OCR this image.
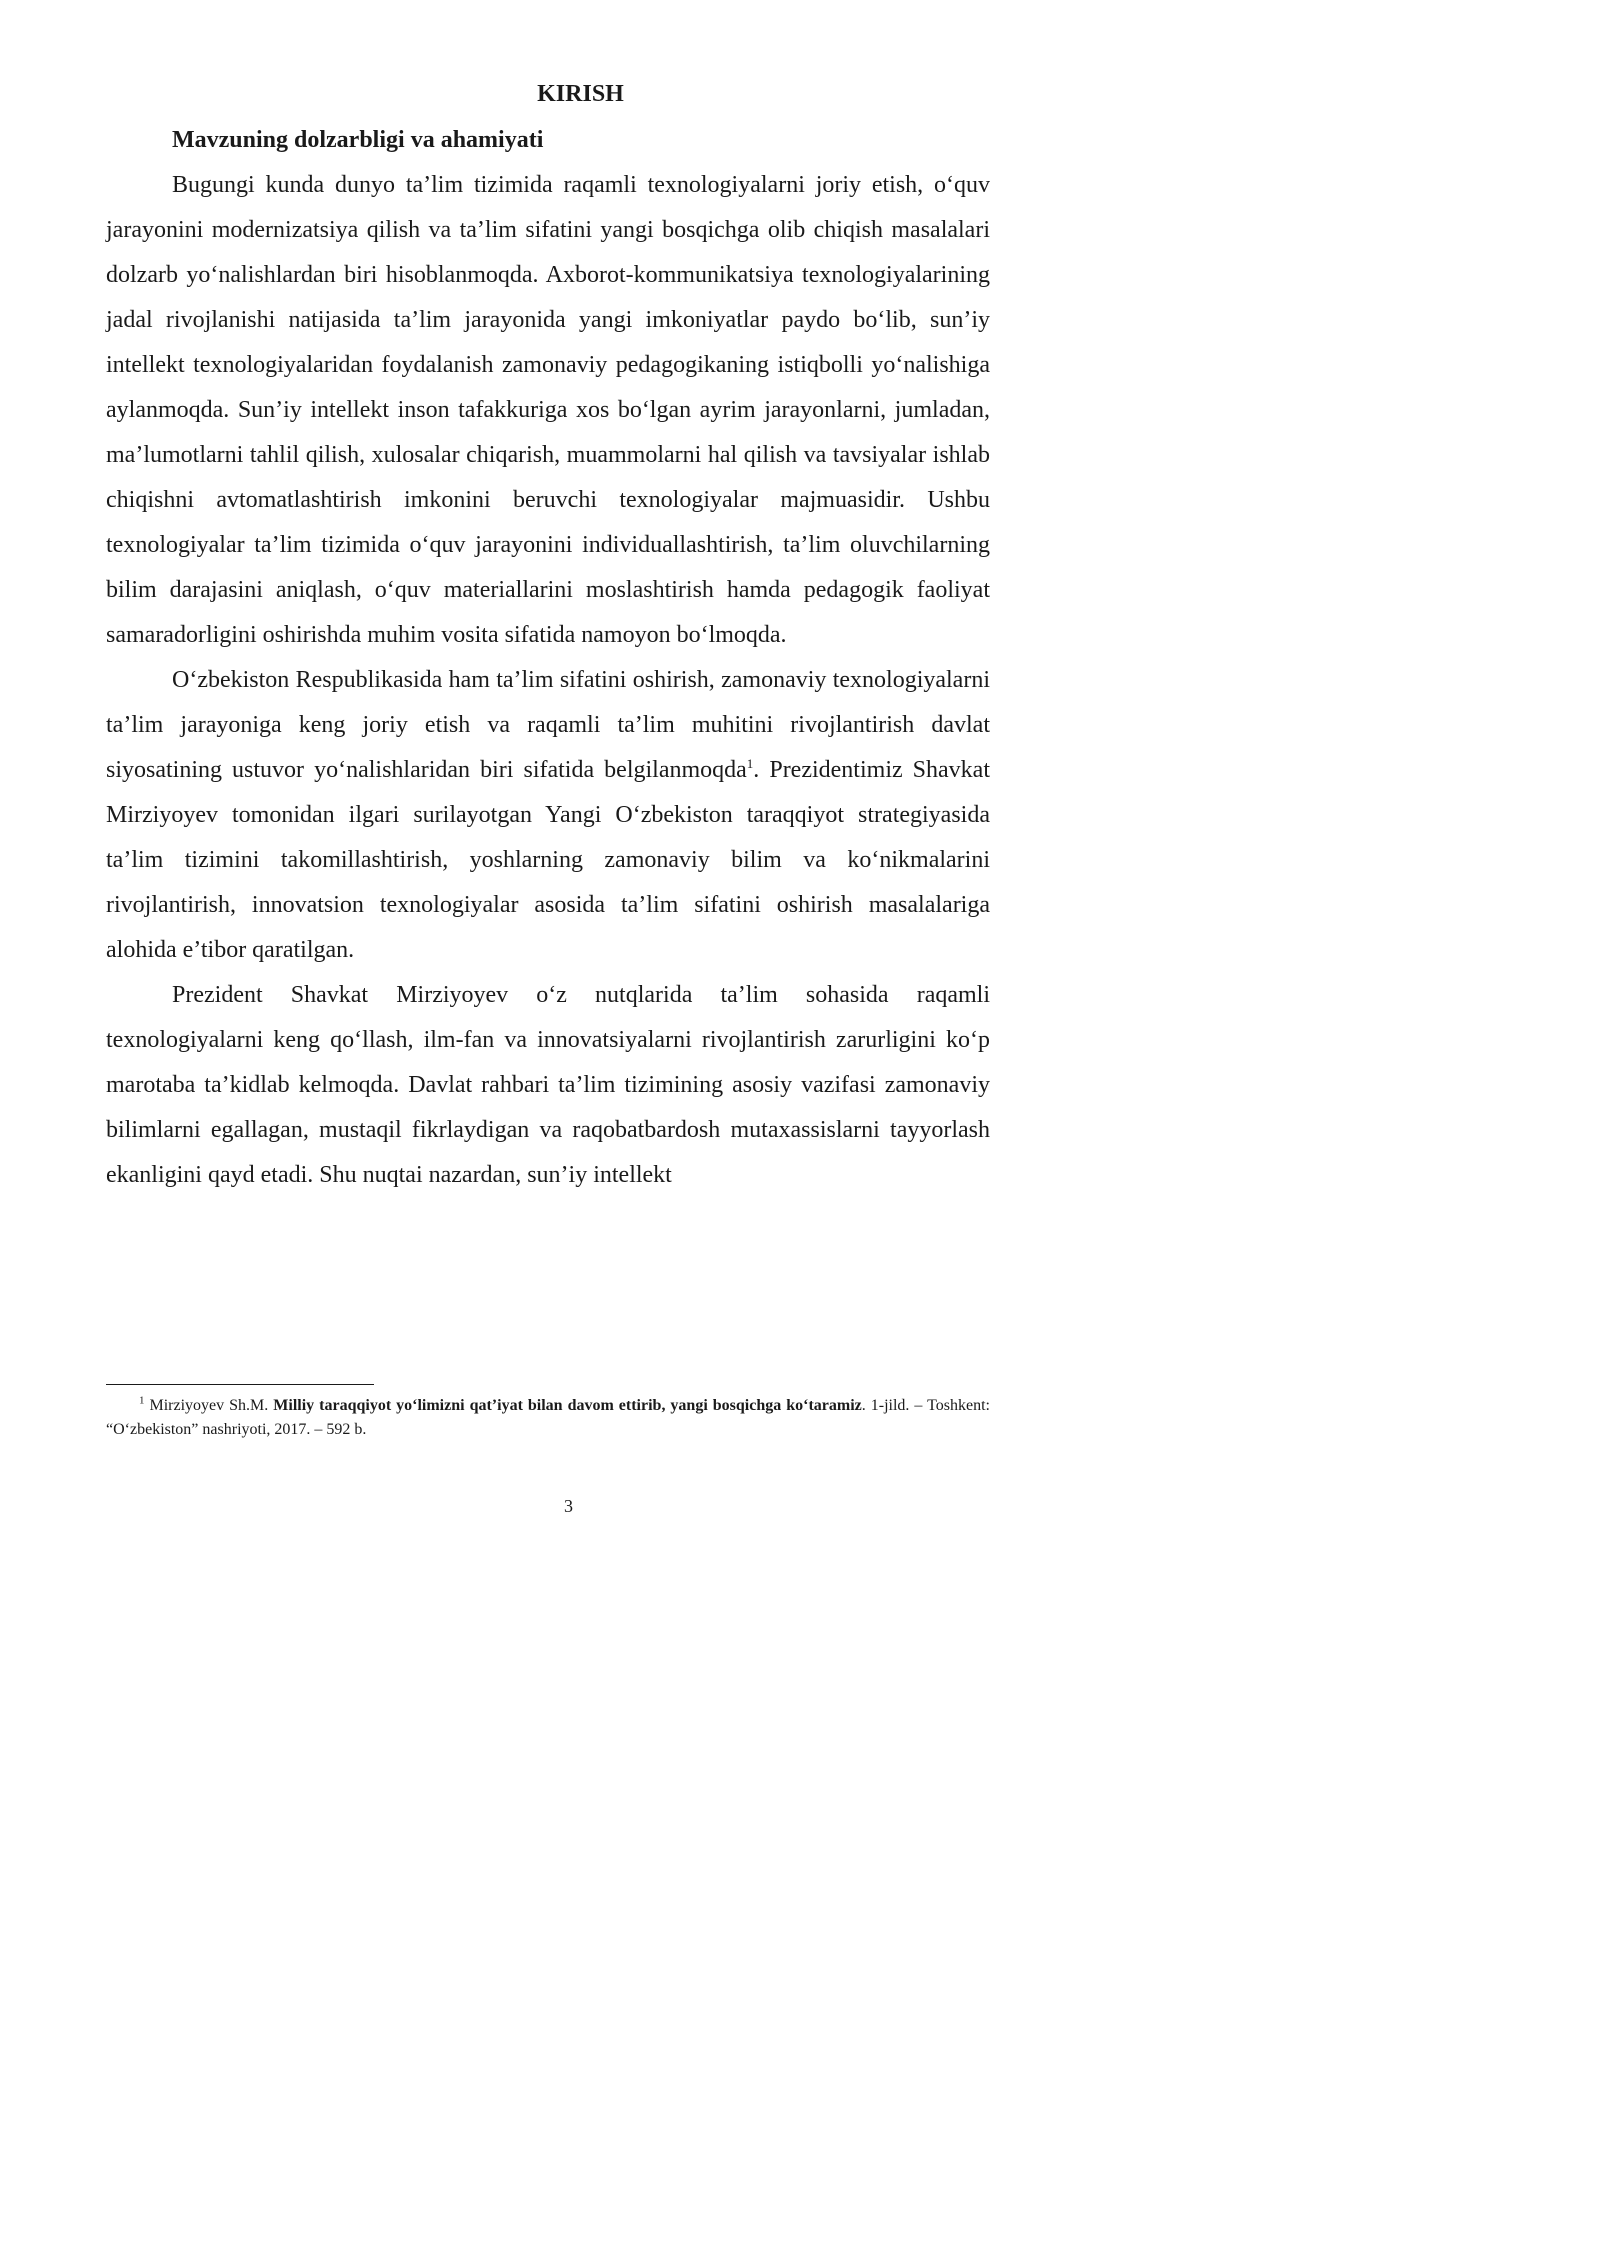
KIRISH
Mavzuning dolzarbligi va ahamiyati

Bugungi kunda dunyo ta’lim tizimida raqamli texnologiyalarni joriy etish, o‘quv jarayonini modernizatsiya qilish va ta’lim sifatini yangi bosqichga olib chiqish masalalari dolzarb yo‘nalishlardan biri hisoblanmoqda. Axborot-kommunikatsiya texnologiyalarining jadal rivojlanishi natijasida ta’lim jarayonida yangi imkoniyatlar paydo bo‘lib, sun’iy intellekt texnologiyalaridan foydalanish zamonaviy pedagogikaning istiqbolli yo‘nalishiga aylanmoqda. Sun’iy intellekt inson tafakkuriga xos bo‘lgan ayrim jarayonlarni, jumladan, ma’lumotlarni tahlil qilish, xulosalar chiqarish, muammolarni hal qilish va tavsiyalar ishlab chiqishni avtomatlashtirish imkonini beruvchi texnologiyalar majmuasidir. Ushbu texnologiyalar ta’lim tizimida o‘quv jarayonini individuallashtirish, ta’lim oluvchilarning bilim darajasini aniqlash, o‘quv materiallarini moslashtirish hamda pedagogik faoliyat samaradorligini oshirishda muhim vosita sifatida namoyon bo‘lmoqda.

O‘zbekiston Respublikasida ham ta’lim sifatini oshirish, zamonaviy texnologiyalarni ta’lim jarayoniga keng joriy etish va raqamli ta’lim muhitini rivojlantirish davlat siyosatining ustuvor yo‘nalishlaridan biri sifatida belgilanmoqda$^1$. Prezidentimiz Shavkat Mirziyoyev tomonidan ilgari surilayotgan Yangi O‘zbekiston taraqqiyot strategiyasida ta’lim tizimini takomillashtirish, yoshlarning zamonaviy bilim va ko‘nikmalarini rivojlantirish, innovatsion texnologiyalar asosida ta’lim sifatini oshirish masalalariga alohida e’tibor qaratilgan.

Prezident Shavkat Mirziyoyev o‘z nutqlarida ta’lim sohasida raqamli texnologiyalarni keng qo‘llash, ilm-fan va innovatsiyalarni rivojlantirish zarurligini ko‘p marotaba ta’kidlab kelmoqda. Davlat rahbari ta’lim tizimining asosiy vazifasi zamonaviy bilimlarni egallagan, mustaqil fikrlaydigan va raqobatbardosh mutaxassislarni tayyorlash ekanligini qayd etadi. Shu nuqtai nazardan, sun’iy intellekt

$^1$ Mirziyoyev Sh.M. Milliy taraqqiyot yo‘limizni qat’iyat bilan davom ettirib, yangi bosqichga ko‘taramiz. 1-jild. – Toshkent: “O‘zbekiston” nashriyoti, 2017. – 592 b.

3
